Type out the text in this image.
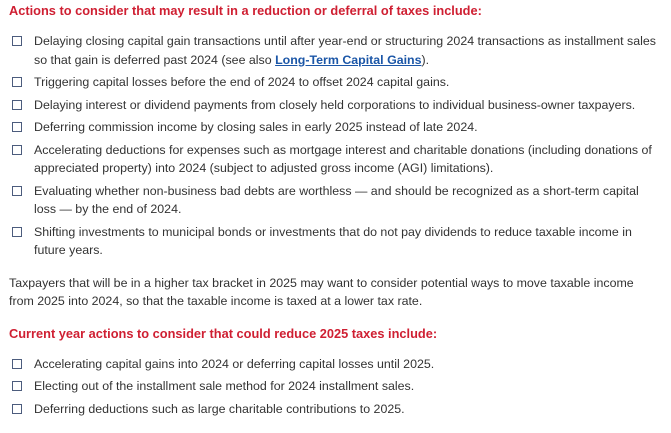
Actions to consider that may result in a reduction or deferral of taxes include:

Delaying closing capital gain transactions until after year-end or structuring 2024 transactions as installment sales so that gain is deferred past 2024 (see also Long-Term Capital Gains).
Triggering capital losses before the end of 2024 to offset 2024 capital gains.
Delaying interest or dividend payments from closely held corporations to individual business-owner taxpayers.
Deferring commission income by closing sales in early 2025 instead of late 2024.
Accelerating deductions for expenses such as mortgage interest and charitable donations (including donations of appreciated property) into 2024 (subject to adjusted gross income (AGI) limitations).
Evaluating whether non-business bad debts are worthless — and should be recognized as a short-term capital loss — by the end of 2024.
Shifting investments to municipal bonds or investments that do not pay dividends to reduce taxable income in future years.

Taxpayers that will be in a higher tax bracket in 2025 may want to consider potential ways to move taxable income from 2025 into 2024, so that the taxable income is taxed at a lower tax rate.

Current year actions to consider that could reduce 2025 taxes include:

Accelerating capital gains into 2024 or deferring capital losses until 2025.
Electing out of the installment sale method for 2024 installment sales.
Deferring deductions such as large charitable contributions to 2025.
